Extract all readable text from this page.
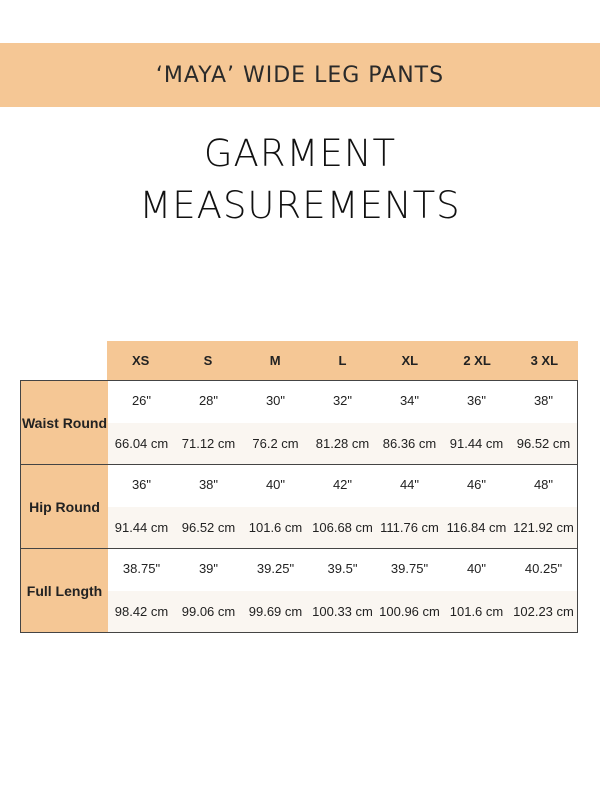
‘MAYA’ WIDE LEG PANTS
GARMENT
MEASUREMENTS
XS	S	M	L	XL	2 XL	3 XL
Waist Round
26"	28"	30"	32"	34"	36"	38"
66.04 cm	71.12 cm	76.2 cm	81.28 cm	86.36 cm	91.44 cm	96.52 cm
Hip Round
36"	38"	40"	42"	44"	46"	48"
91.44 cm	96.52 cm	101.6 cm 106.68 cm 111.76 cm 116.84 cm 121.92 cm
Full Length
38.75"	39"	39.25"	39.5"	39.75"	40"	40.25"
98.42 cm	99.06 cm	99.69 cm 100.33 cm 100.96 cm 101.6 cm 102.23 cm
